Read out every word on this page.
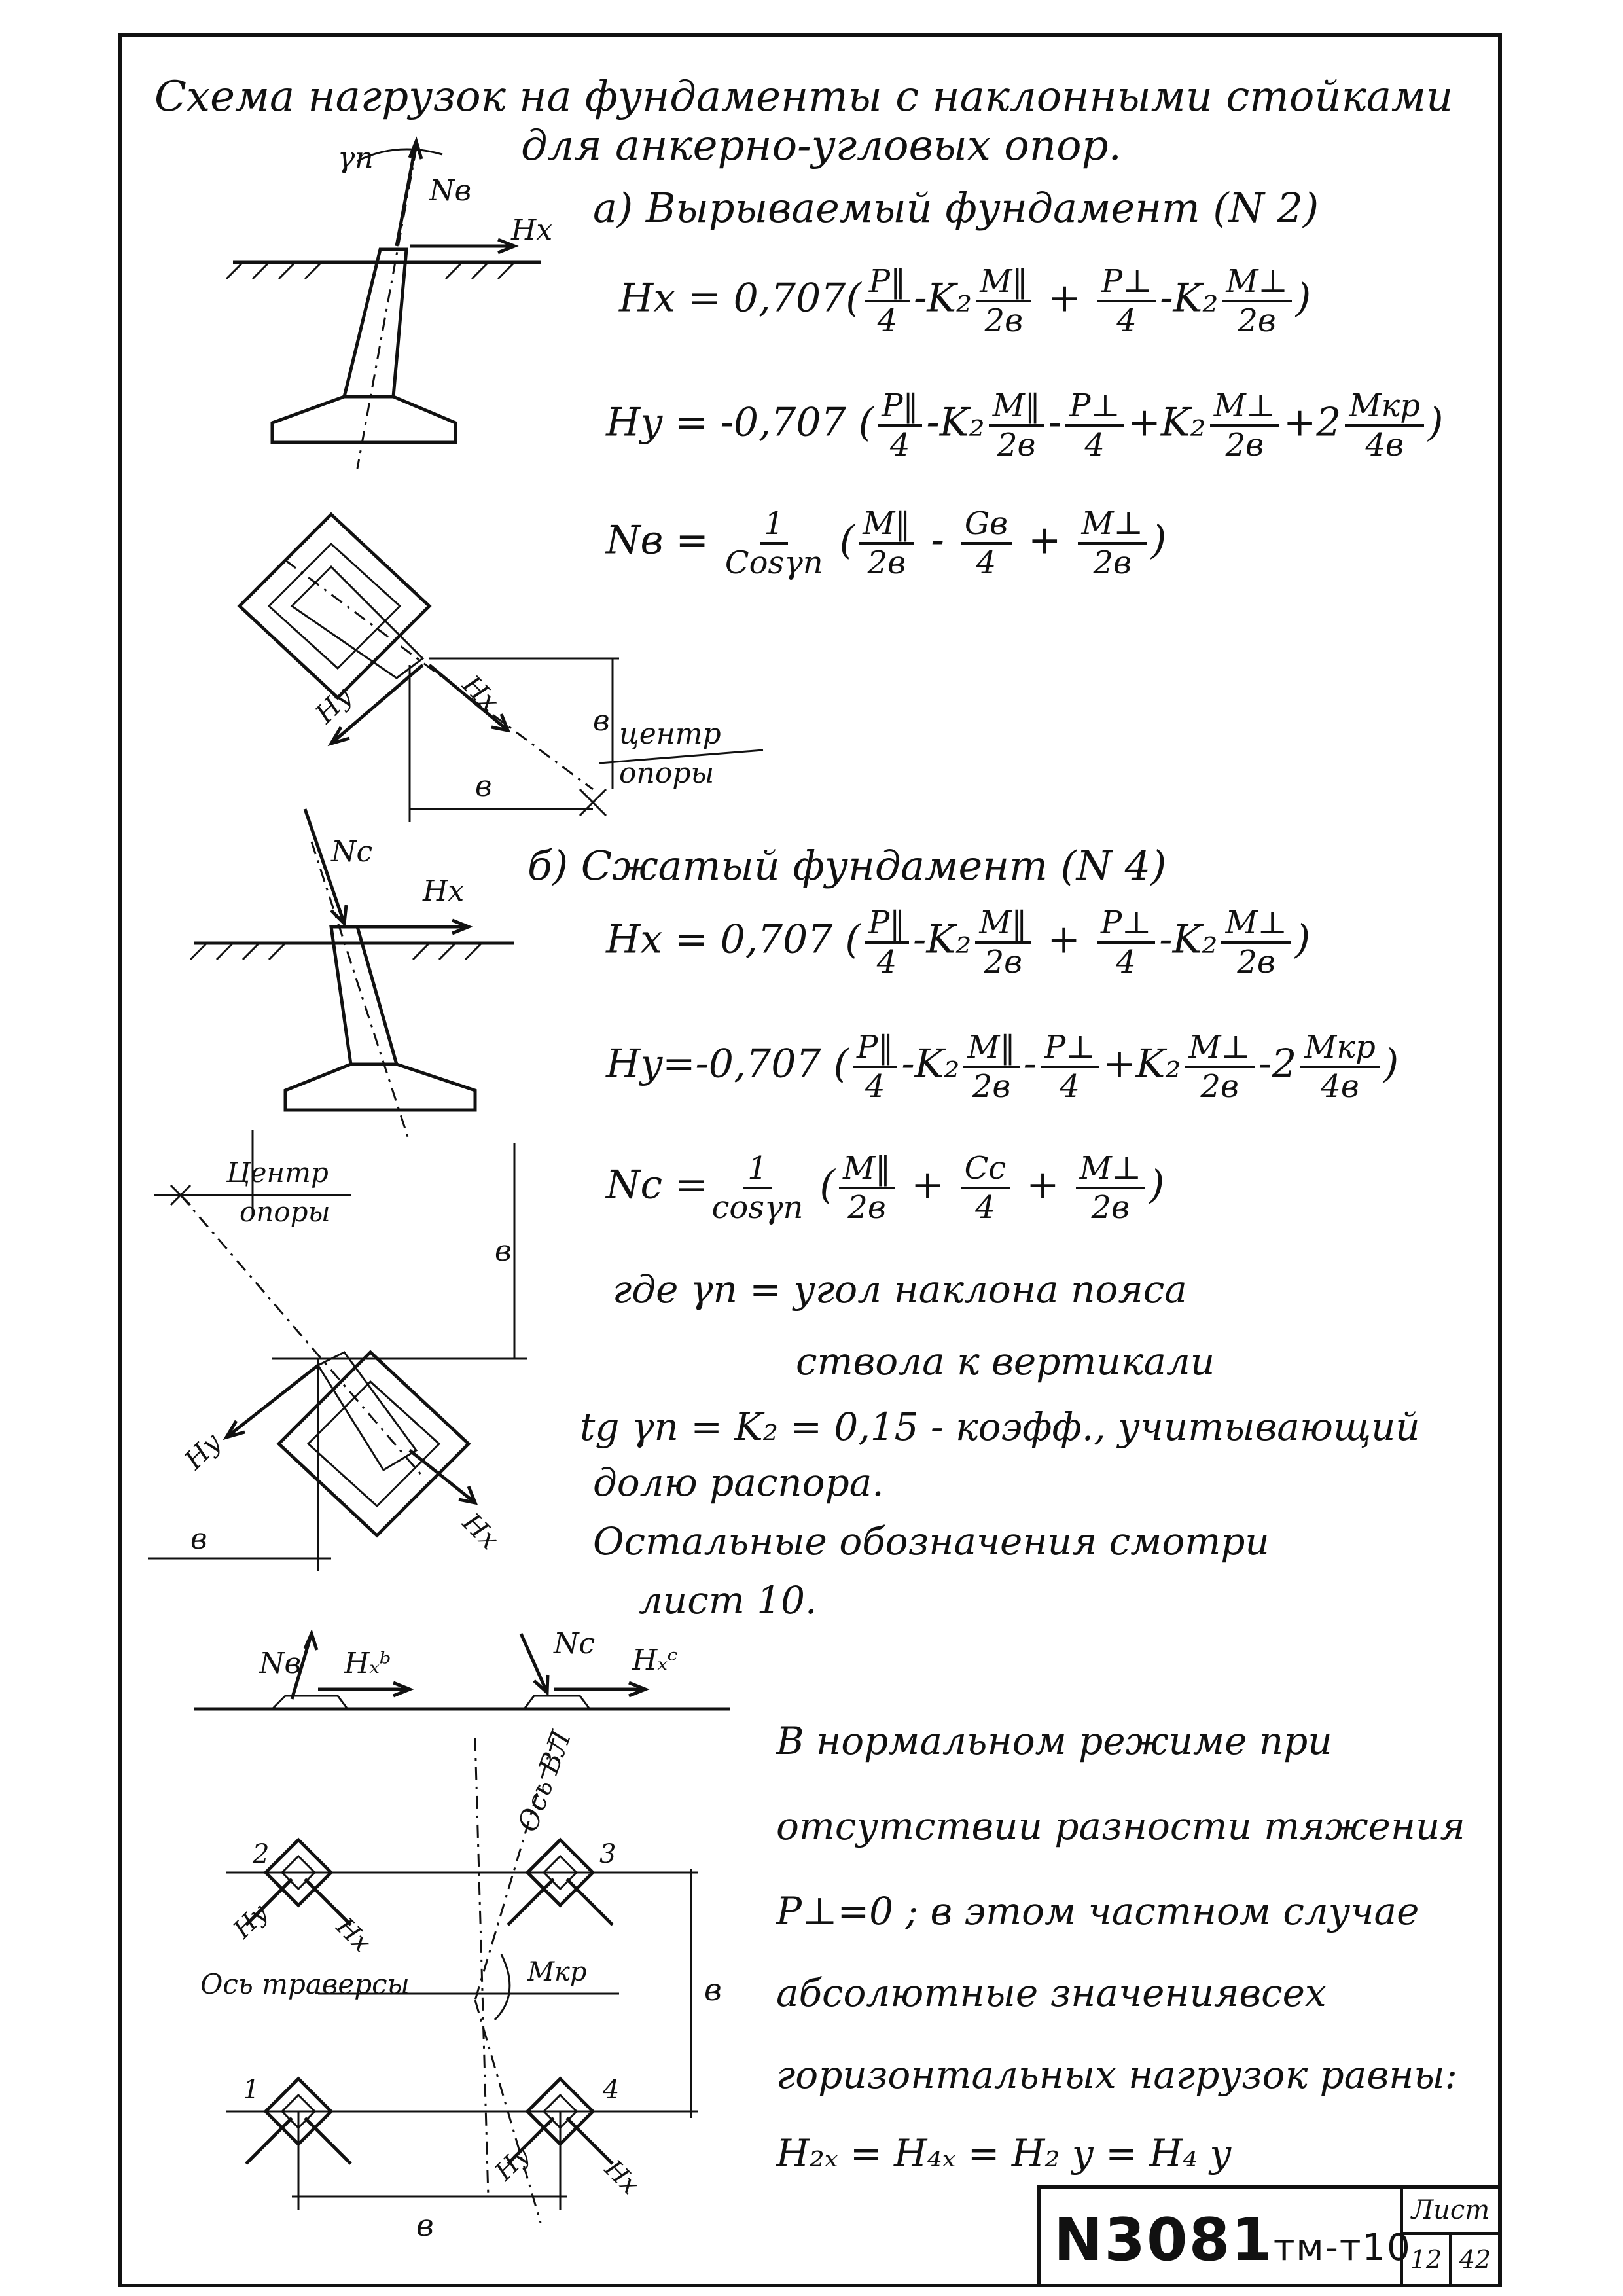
Схема нагрузок на фундаменты с наклонными стойками
для анкерно-угловых опор.
а) Вырываемый фундамент (N 2)
$Hx = 0,707( \frac{P‖}{4} -K_2 \frac{M‖}{2в} + \frac{P\perp}{4} -K_2 \frac{M\perp}{2в}$ )
Hy = -0,707 ( $\frac{P‖}{4} -K_2 \frac{M‖}{2в} - \frac{P\perp}{4} +K_2 \frac{M\perp}{2в} +2 \frac{\text{Mкр}}{4в}$ )
Nв = $\frac{1}{\text{Cosγп}}$ ( $\frac{M‖}{2в} - \frac{Gв}{4} + \frac{M\perp}{2в}$ )
б) Сжатый фундамент (N 4)
Hx = 0,707 ( $\frac{P‖}{4} -K_2 \frac{M‖}{2в} + \frac{P\perp}{4} -K_2 \frac{M\perp}{2в}$ )
Hy=-0,707 ( $\frac{P‖}{4} -K_2 \frac{M‖}{2в} - \frac{P\perp}{4} +K_2 \frac{M\perp}{2в} -2 \frac{\text{Mкр}}{4в}$ )
$Nc = \frac{1}{\cos\gamma п}$ ( $\frac{M‖}{2в} + \frac{Cc}{4} + \frac{M\perp}{2в}$ )
где γп = угол наклона пояса
ствола к вертикали
tg γп = K₂ = 0,15 - коэфф., учитывающий
долю распора.
Остальные обозначения смотри
лист 10.
В нормальном режиме при
отсутствии разности тяжения
P⊥=0 ; в этом частном случае
абсолютные значениявсех
горизонтальных нагрузок равны:
H₂ₓ = H₄ₓ = H₂ y = H₄ y
γп
Nв
Hx
Hy	Hx
в
в
центр
опоры
Nc
Hx
Hy
Hx
в
в
Центр
опоры
Nв Hₓᵇ
Nc Hₓᶜ
2	3
1	4
Ось траверсы
Ось ВЛ
Mкр
Hy Hx
Hy	Hx
в
в
N3081тм-т10
Лист
12 42
